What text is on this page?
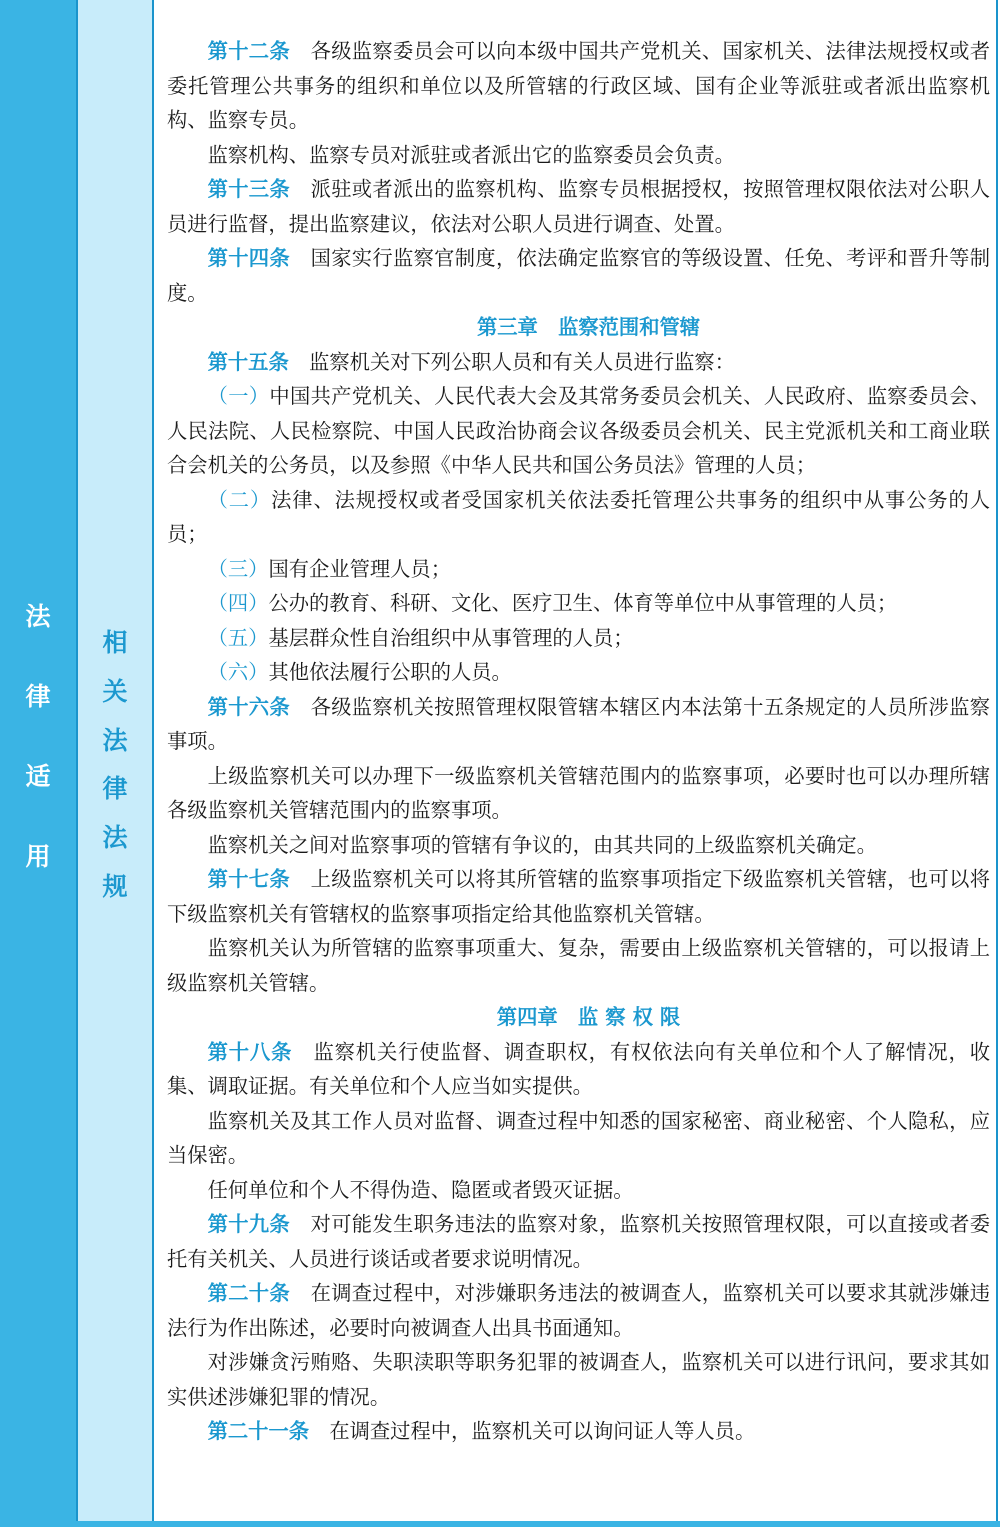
法
律
适
用
相
关
法
律
法
规

第十二条　 各级监察委员会可以向本级中国共产党机关、国家机关、法律法规授权或者委托管理公共事务的组织和单位以及所管辖的行政区域、国有企业等派驻或者派出监察机构、监察专员。

监察机构、监察专员对派驻或者派出它的监察委员会负责。

第十三条　 派驻或者派出的监察机构、监察专员根据授权，按照管理权限依法对公职人员进行监督，提出监察建议，依法对公职人员进行调查、处置。

第十四条　 国家实行监察官制度，依法确定监察官的等级设置、任免、考评和晋升等制度。

第三章　监察范围和管辖

第十五条　 监察机关对下列公职人员和有关人员进行监察：

（一）中国共产党机关、人民代表大会及其常务委员会机关、人民政府、监察委员会、人民法院、人民检察院、中国人民政治协商会议各级委员会机关、民主党派机关和工商业联合会机关的公务员，以及参照《中华人民共和国公务员法》管理的人员；

（二）法律、法规授权或者受国家机关依法委托管理公共事务的组织中从事公务的人员；

（三）国有企业管理人员；

（四）公办的教育、科研、文化、医疗卫生、体育等单位中从事管理的人员；

（五）基层群众性自治组织中从事管理的人员；

（六）其他依法履行公职的人员。

第十六条　 各级监察机关按照管理权限管辖本辖区内本法第十五条规定的人员所涉监察事项。

上级监察机关可以办理下一级监察机关管辖范围内的监察事项，必要时也可以办理所辖各级监察机关管辖范围内的监察事项。

监察机关之间对监察事项的管辖有争议的，由其共同的上级监察机关确定。

第十七条　 上级监察机关可以将其所管辖的监察事项指定下级监察机关管辖，也可以将下级监察机关有管辖权的监察事项指定给其他监察机关管辖。

监察机关认为所管辖的监察事项重大、复杂，需要由上级监察机关管辖的，可以报请上级监察机关管辖。

第四章　监 察 权 限

第十八条　 监察机关行使监督、调查职权，有权依法向有关单位和个人了解情况，收集、调取证据。有关单位和个人应当如实提供。

监察机关及其工作人员对监督、调查过程中知悉的国家秘密、商业秘密、个人隐私，应当保密。

任何单位和个人不得伪造、隐匿或者毁灭证据。

第十九条　 对可能发生职务违法的监察对象，监察机关按照管理权限，可以直接或者委托有关机关、人员进行谈话或者要求说明情况。

第二十条　 在调查过程中，对涉嫌职务违法的被调查人，监察机关可以要求其就涉嫌违法行为作出陈述，必要时向被调查人出具书面通知。

对涉嫌贪污贿赂、失职渎职等职务犯罪的被调查人，监察机关可以进行讯问，要求其如实供述涉嫌犯罪的情况。

第二十一条　 在调查过程中，监察机关可以询问证人等人员。
